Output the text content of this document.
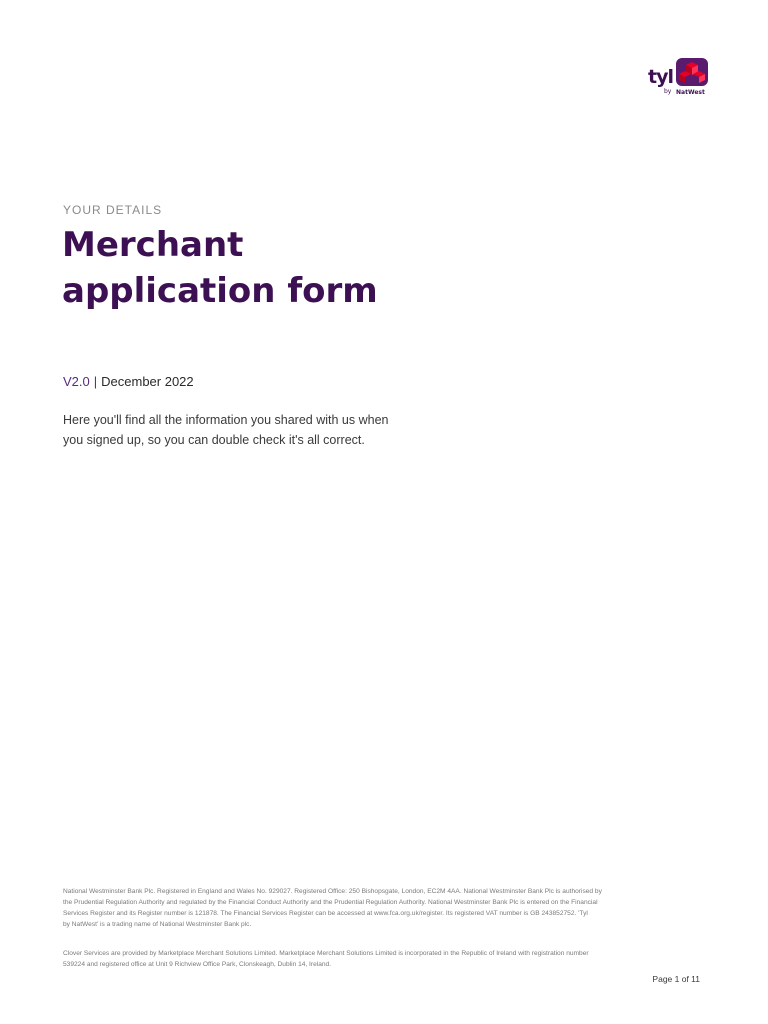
tyl
by NatWest
YOUR DETAILS
Merchant
application form
V2.0 | December 2022
Here you'll find all the information you shared with us when
you signed up, so you can double check it's all correct.
National Westminster Bank Plc. Registered in England and Wales No. 929027. Registered Office: 250 Bishopsgate, London, EC2M 4AA. National Westminster Bank Plc is authorised by
the Prudential Regulation Authority and regulated by the Financial Conduct Authority and the Prudential Regulation Authority. National Westminster Bank Plc is entered on the Financial
Services Register and its Register number is 121878. The Financial Services Register can be accessed at www.fca.org.uk/register. Its registered VAT number is GB 243852752. 'Tyl
by NatWest' is a trading name of National Westminster Bank plc.
Clover Services are provided by Marketplace Merchant Solutions Limited. Marketplace Merchant Solutions Limited is incorporated in the Republic of Ireland with registration number
539224 and registered office at Unit 9 Richview Office Park, Clonskeagh, Dublin 14, Ireland.
Page 1 of 11
